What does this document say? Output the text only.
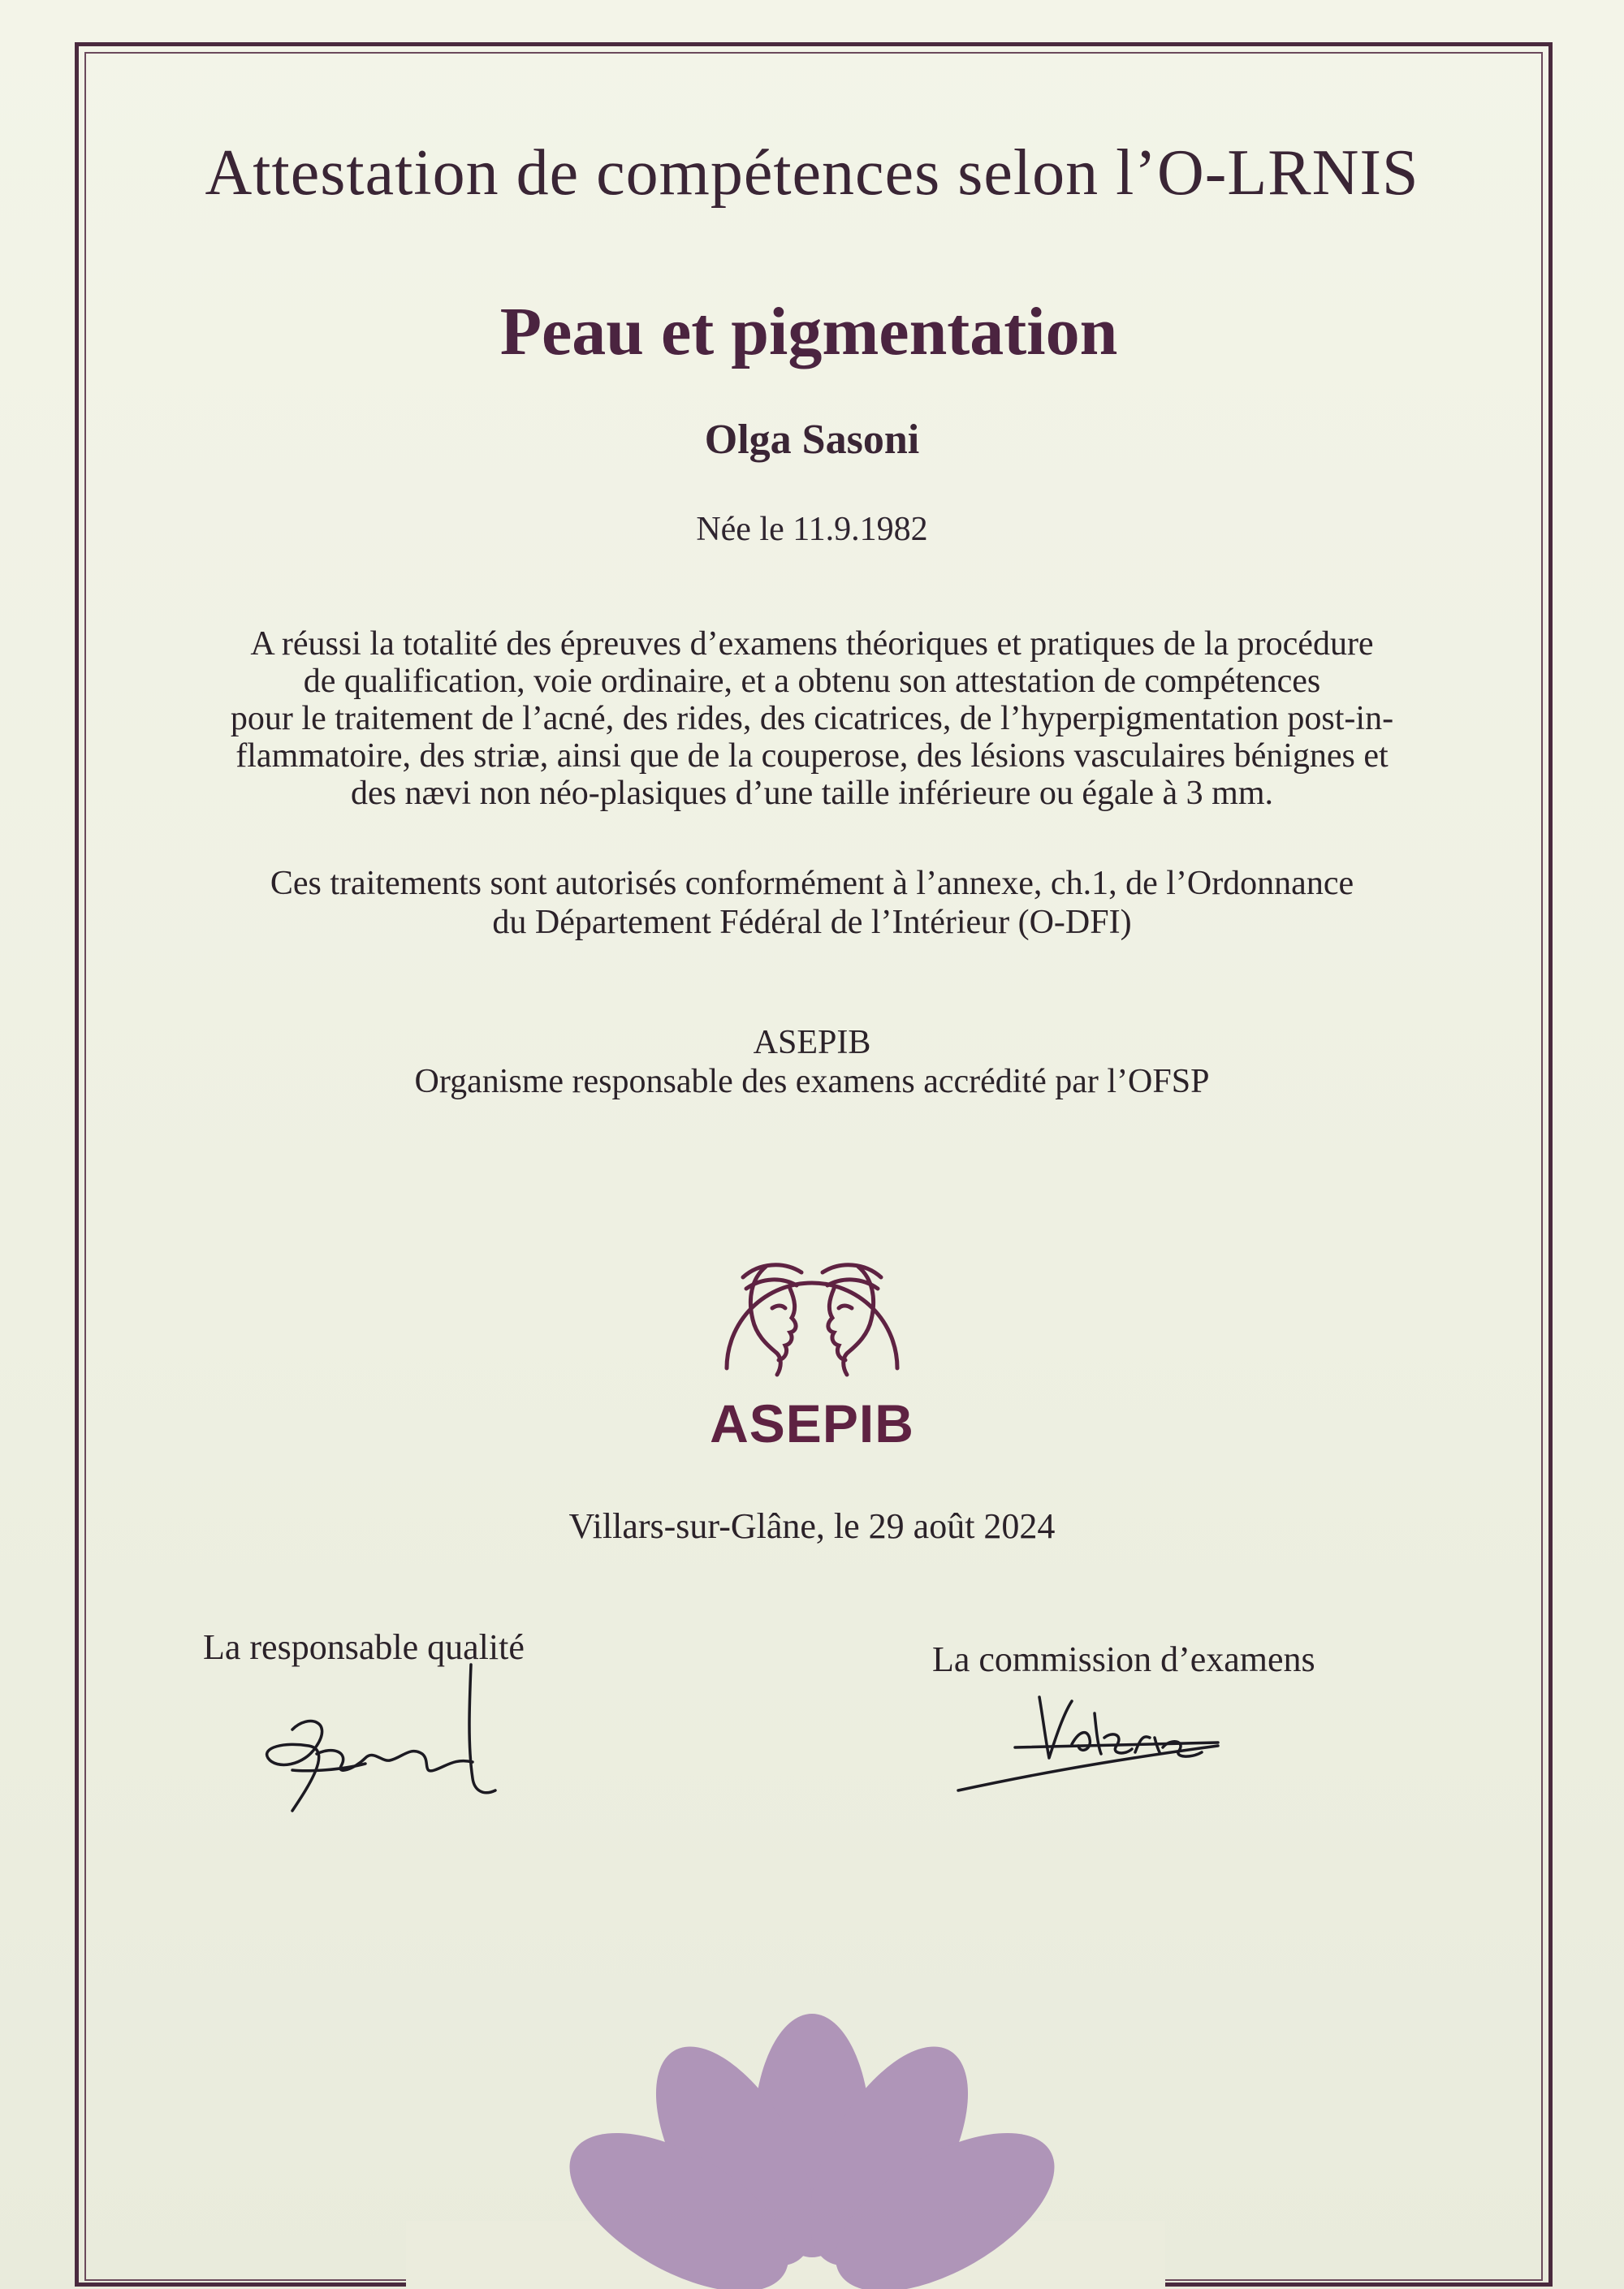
Attestation de compétences selon l’O-LRNIS
Peau et pigmentation
Olga Sasoni
Née le 11.9.1982
A réussi la totalité des épreuves d’examens théoriques et pratiques de la procédure
de qualification, voie ordinaire, et a obtenu son attestation de compétences
pour le traitement de l’acné, des rides, des cicatrices, de l’hyperpigmentation post-in-
flammatoire, des striæ, ainsi que de la couperose, des lésions vasculaires bénignes et
des nævi non néo-plasiques d’une taille inférieure ou égale à 3 mm.
Ces traitements sont autorisés conformément à l’annexe, ch.1, de l’Ordonnance
du Département Fédéral de l’Intérieur (O-DFI)
ASEPIB
Organisme responsable des examens accrédité par l’OFSP
ASEPIB
Villars-sur-Glâne, le 29 août 2024
La responsable qualité	La commission d’examens
